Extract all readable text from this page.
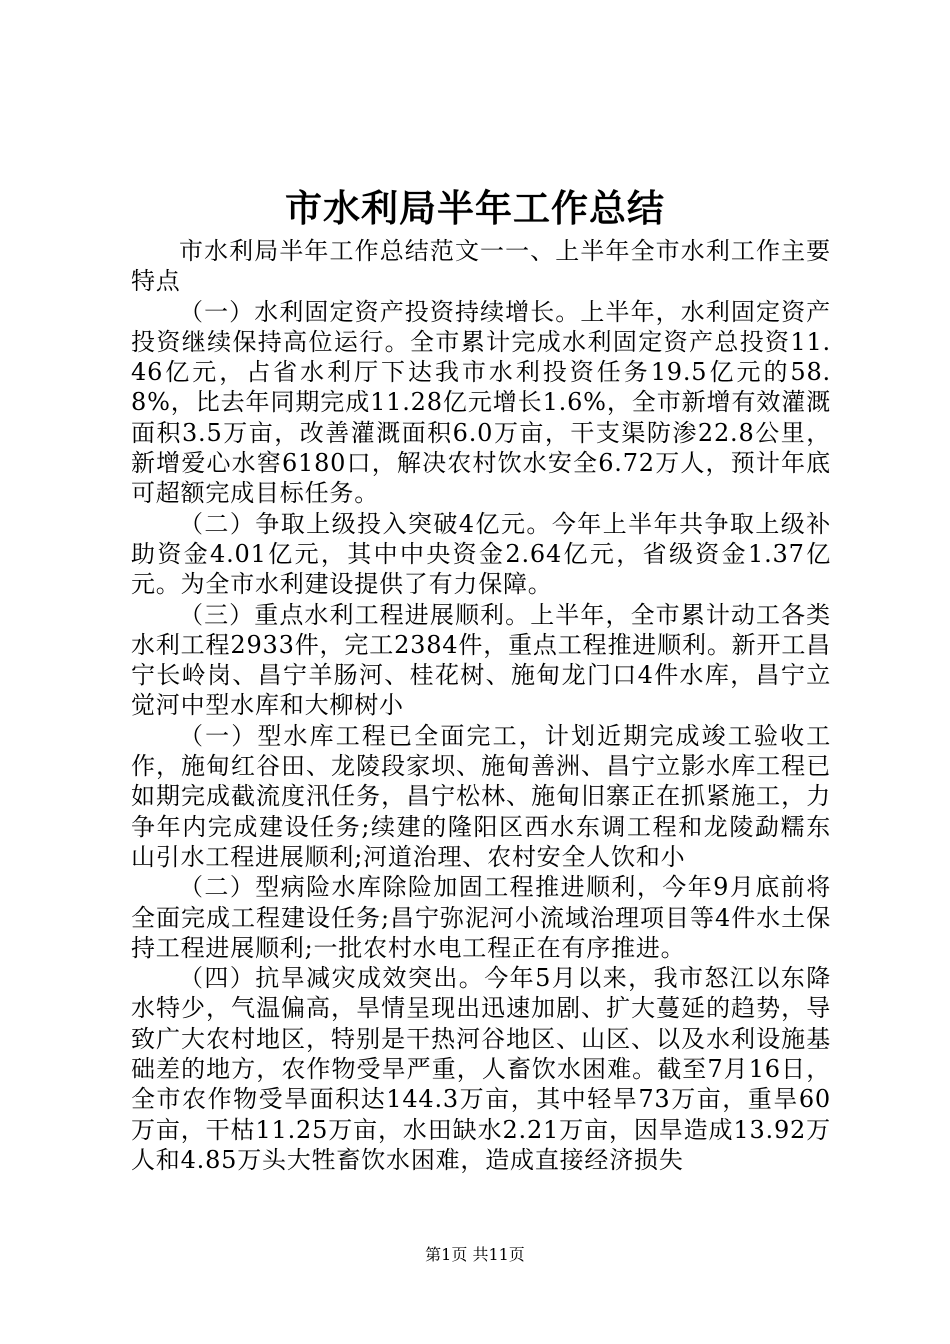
市水利局半年工作总结

市水利局半年工作总结范文一一、上半年全市水利工作主要特点

（一）水利固定资产投资持续增长。上半年，水利固定资产投资继续保持高位运行。全市累计完成水利固定资产总投资11.46亿元，占省水利厅下达我市水利投资任务19.5亿元的58.8%，比去年同期完成11.28亿元增长1.6%，全市新增有效灌溉面积3.5万亩，改善灌溉面积6.0万亩，干支渠防渗22.8公里，新增爱心水窖6180口，解决农村饮水安全6.72万人，预计年底可超额完成目标任务。

（二）争取上级投入突破4亿元。今年上半年共争取上级补助资金4.01亿元，其中中央资金2.64亿元，省级资金1.37亿元。为全市水利建设提供了有力保障。

（三）重点水利工程进展顺利。上半年，全市累计动工各类水利工程2933件，完工2384件，重点工程推进顺利。新开工昌宁长岭岗、昌宁羊肠河、桂花树、施甸龙门口4件水库，昌宁立觉河中型水库和大柳树小

（一）型水库工程已全面完工，计划近期完成竣工验收工作，施甸红谷田、龙陵段家坝、施甸善洲、昌宁立影水库工程已如期完成截流度汛任务，昌宁松林、施甸旧寨正在抓紧施工，力争年内完成建设任务;续建的隆阳区西水东调工程和龙陵勐糯东山引水工程进展顺利;河道治理、农村安全人饮和小

（二）型病险水库除险加固工程推进顺利，今年9月底前将全面完成工程建设任务;昌宁弥泥河小流域治理项目等4件水土保持工程进展顺利;一批农村水电工程正在有序推进。

（四）抗旱减灾成效突出。今年5月以来，我市怒江以东降水特少，气温偏高，旱情呈现出迅速加剧、扩大蔓延的趋势，导致广大农村地区，特别是干热河谷地区、山区、以及水利设施基础差的地方，农作物受旱严重，人畜饮水困难。截至7月16日，全市农作物受旱面积达144.3万亩，其中轻旱73万亩，重旱60万亩，干枯11.25万亩，水田缺水2.21万亩，因旱造成13.92万人和4.85万头大牲畜饮水困难，造成直接经济损失

第1页 共11页
